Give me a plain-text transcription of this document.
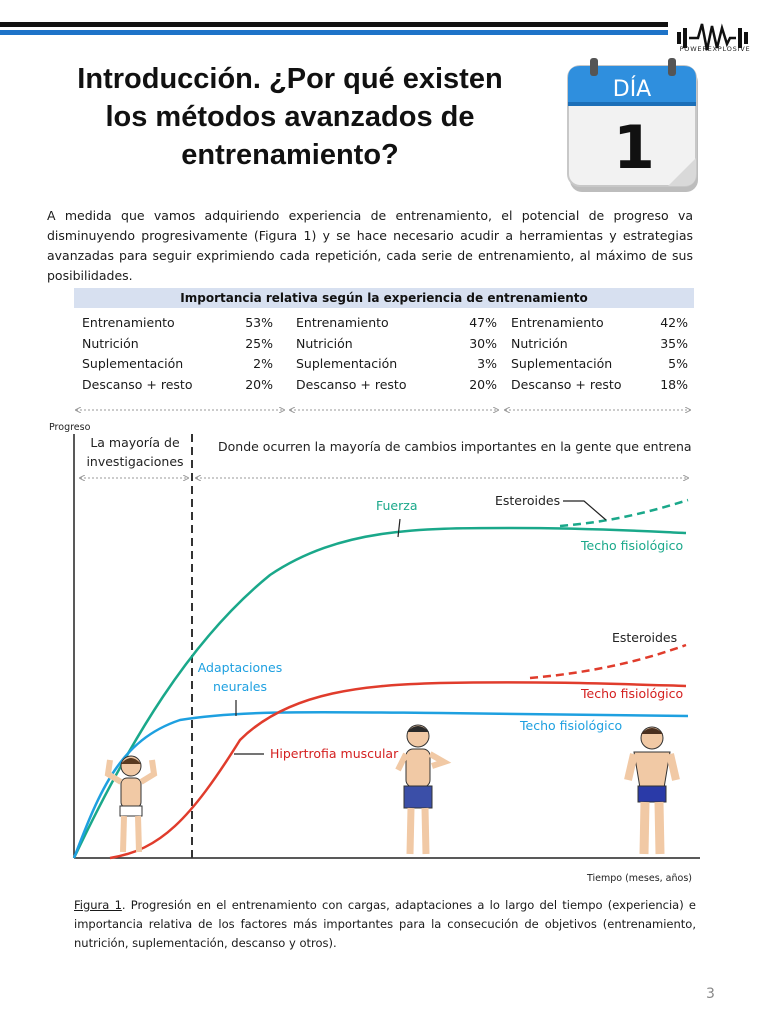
POWEREXPLOSIVE
Introducción. ¿Por qué existen
los métodos avanzados de
entrenamiento?
DÍA
1

A medida que vamos adquiriendo experiencia de entrenamiento, el potencial de progreso va disminuyendo progresivamente (Figura 1) y se hace necesario acudir a herramientas y estrategias avanzadas para seguir exprimiendo cada repetición, cada serie de entrenamiento, al máximo de sus posibilidades.

Importancia relativa según la experiencia de entrenamiento
Entrenamiento	53%
Nutrición	25%
Suplementación	2%
Descanso + resto	20%
Entrenamiento	47%
Nutrición	30%
Suplementación	3%
Descanso + resto	20%
Entrenamiento	42%
Nutrición	35%
Suplementación	5%
Descanso + resto	18%
Progreso
Tiempo (meses, años)
La mayoría de
investigaciones
Donde ocurren la mayoría de cambios importantes en la gente que entrena
Fuerza	Esteroides
Techo fisiológico
Adaptaciones
neurales
Esteroides
Techo fisiológico
Techo fisiológico
Hipertrofia muscular
Figura 1. Progresión en el entrenamiento con cargas, adaptaciones a lo largo del tiempo (experiencia) e importancia relativa de los factores más importantes para la consecución de objetivos (entrenamiento, nutrición, suplementación, descanso y otros).
3
